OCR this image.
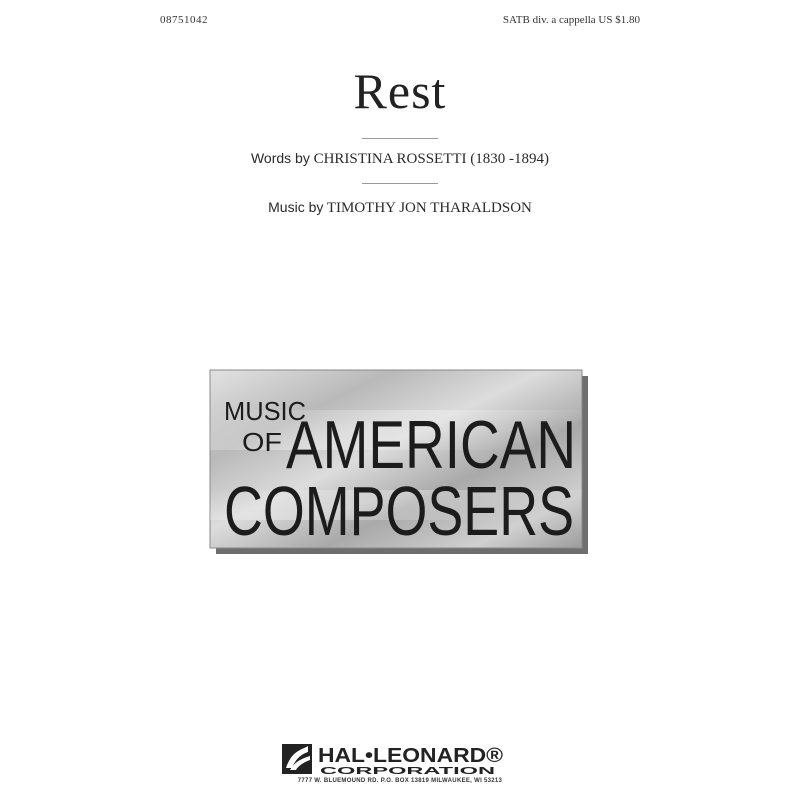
08751042	SATB div. a cappella US $1.80
Rest
Words by CHRISTINA ROSSETTI (1830 -1894)
Music by TIMOTHY JON THARALDSON
MUSIC
OF AMERICAN
COMPOSERS
HAL•LEONARD®
CORPORATION
7777 W. BLUEMOUND RD. P.O. BOX 13819 MILWAUKEE, WI 53213
